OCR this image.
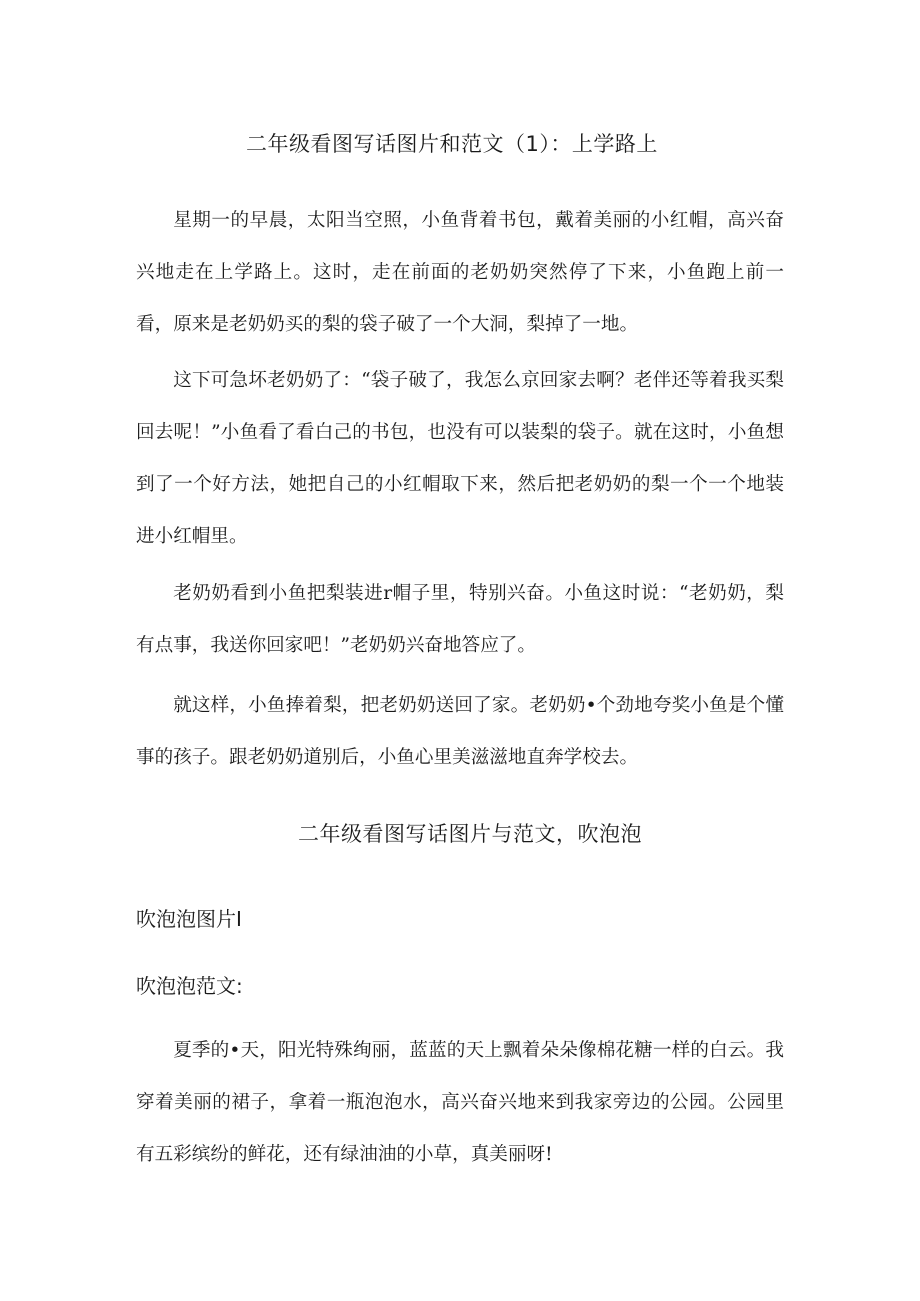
二年级看图写话图片和范文（1）：上学路上

星期一的早晨，太阳当空照，小鱼背着书包，戴着美丽的小红帽，高兴奋兴地走在上学路上。这时，走在前面的老奶奶突然停了下来，小鱼跑上前一看，原来是老奶奶买的梨的袋子破了一个大洞，梨掉了一地。

这下可急坏老奶奶了：“袋子破了，我怎么京回家去啊？老伴还等着我买梨回去呢！”小鱼看了看白己的书包，也没有可以装梨的袋子。就在这时，小鱼想到了一个好方法，她把自己的小红帽取下来，然后把老奶奶的梨一个一个地装进小红帽里。

老奶奶看到小鱼把梨装进r帽子里，特别兴奋。小鱼这时说：“老奶奶，梨有点事，我送你回家吧！”老奶奶兴奋地答应了。

就这样，小鱼捧着梨，把老奶奶送回了家。老奶奶•个劲地夸奖小鱼是个懂事的孩子。跟老奶奶道别后，小鱼心里美滋滋地直奔学校去。

二年级看图写话图片与范文，吹泡泡
吹泡泡图片I
吹泡泡范文:

夏季的•天，阳光特殊绚丽，蓝蓝的天上飘着朵朵像棉花糖一样的白云。我穿着美丽的裙子，拿着一瓶泡泡水，高兴奋兴地来到我家旁边的公园。公园里有五彩缤纷的鲜花，还有绿油油的小草，真美丽呀!
